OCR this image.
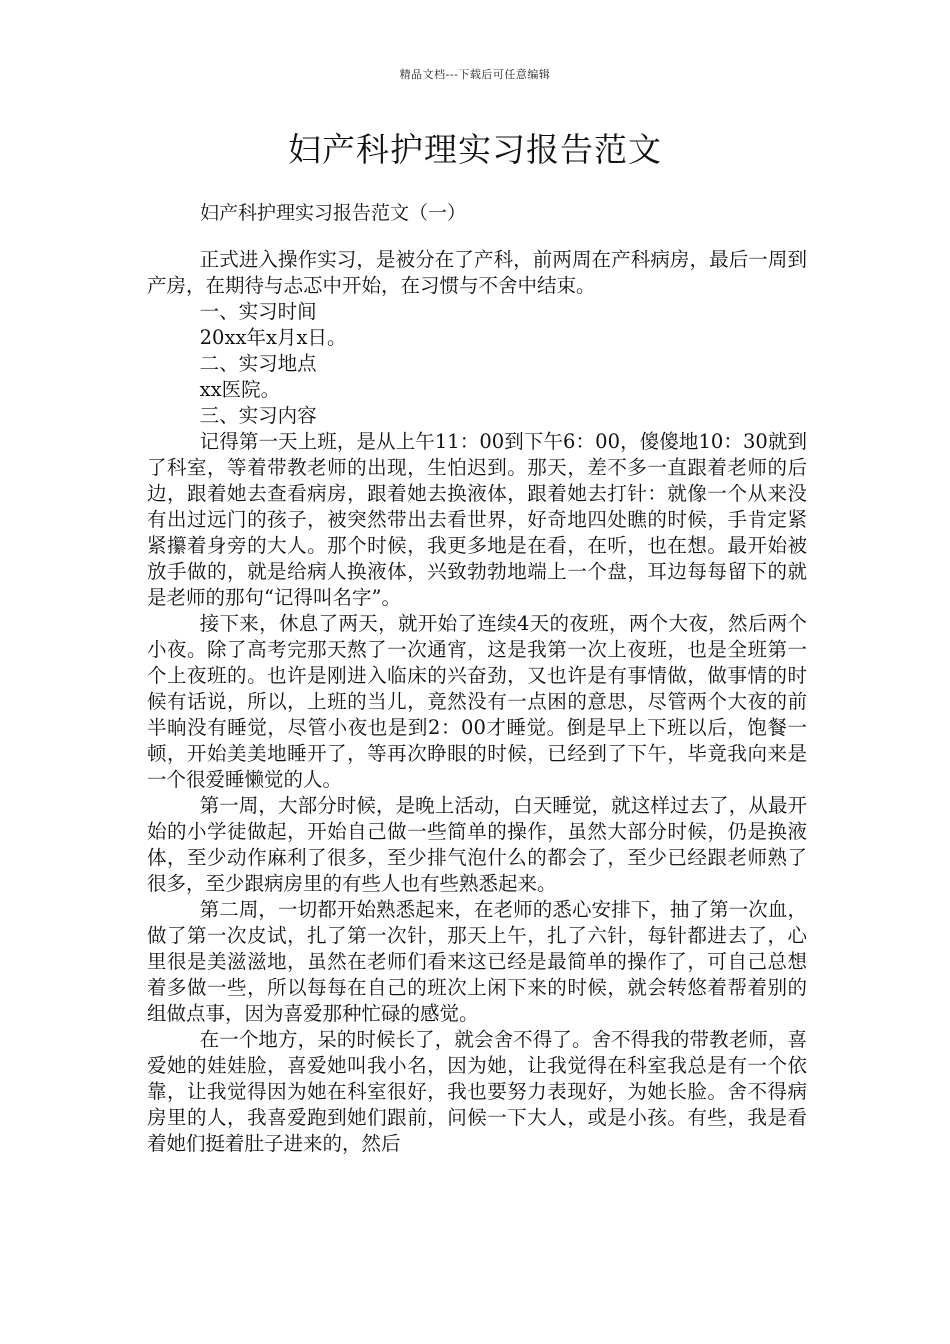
精品文档---下载后可任意编辑
妇产科护理实习报告范文
妇产科护理实习报告范文（一）

正式进入操作实习，是被分在了产科，前两周在产科病房，最后一周到产房，在期待与忐忑中开始，在习惯与不舍中结束。

一、实习时间

20xx年x月x日。

二、实习地点

xx医院。

三、实习内容

记得第一天上班，是从上午11：00到下午6：00，傻傻地10：30就到了科室，等着带教老师的出现，生怕迟到。那天，差不多一直跟着老师的后边，跟着她去查看病房，跟着她去换液体，跟着她去打针：就像一个从来没有出过远门的孩子，被突然带出去看世界，好奇地四处瞧的时候，手肯定紧紧攥着身旁的大人。那个时候，我更多地是在看，在听，也在想。最开始被放手做的，就是给病人换液体，兴致勃勃地端上一个盘，耳边每每留下的就是老师的那句“记得叫名字”。

接下来，休息了两天，就开始了连续4天的夜班，两个大夜，然后两个小夜。除了高考完那天熬了一次通宵，这是我第一次上夜班，也是全班第一个上夜班的。也许是刚进入临床的兴奋劲，又也许是有事情做，做事情的时候有话说，所以，上班的当儿，竟然没有一点困的意思，尽管两个大夜的前半晌没有睡觉，尽管小夜也是到2：00才睡觉。倒是早上下班以后，饱餐一顿，开始美美地睡开了，等再次睁眼的时候，已经到了下午，毕竟我向来是一个很爱睡懒觉的人。

第一周，大部分时候，是晚上活动，白天睡觉，就这样过去了，从最开始的小学徒做起，开始自己做一些简单的操作，虽然大部分时候，仍是换液体，至少动作麻利了很多，至少排气泡什么的都会了，至少已经跟老师熟了很多，至少跟病房里的有些人也有些熟悉起来。

第二周，一切都开始熟悉起来，在老师的悉心安排下，抽了第一次血，做了第一次皮试，扎了第一次针，那天上午，扎了六针，每针都进去了，心里很是美滋滋地，虽然在老师们看来这已经是最简单的操作了，可自己总想着多做一些，所以每每在自己的班次上闲下来的时候，就会转悠着帮着别的组做点事，因为喜爱那种忙碌的感觉。

在一个地方，呆的时候长了，就会舍不得了。舍不得我的带教老师，喜爱她的娃娃脸，喜爱她叫我小名，因为她，让我觉得在科室我总是有一个依靠，让我觉得因为她在科室很好，我也要努力表现好，为她长脸。舍不得病房里的人，我喜爱跑到她们跟前，问候一下大人，或是小孩。有些，我是看着她们挺着肚子进来的，然后
